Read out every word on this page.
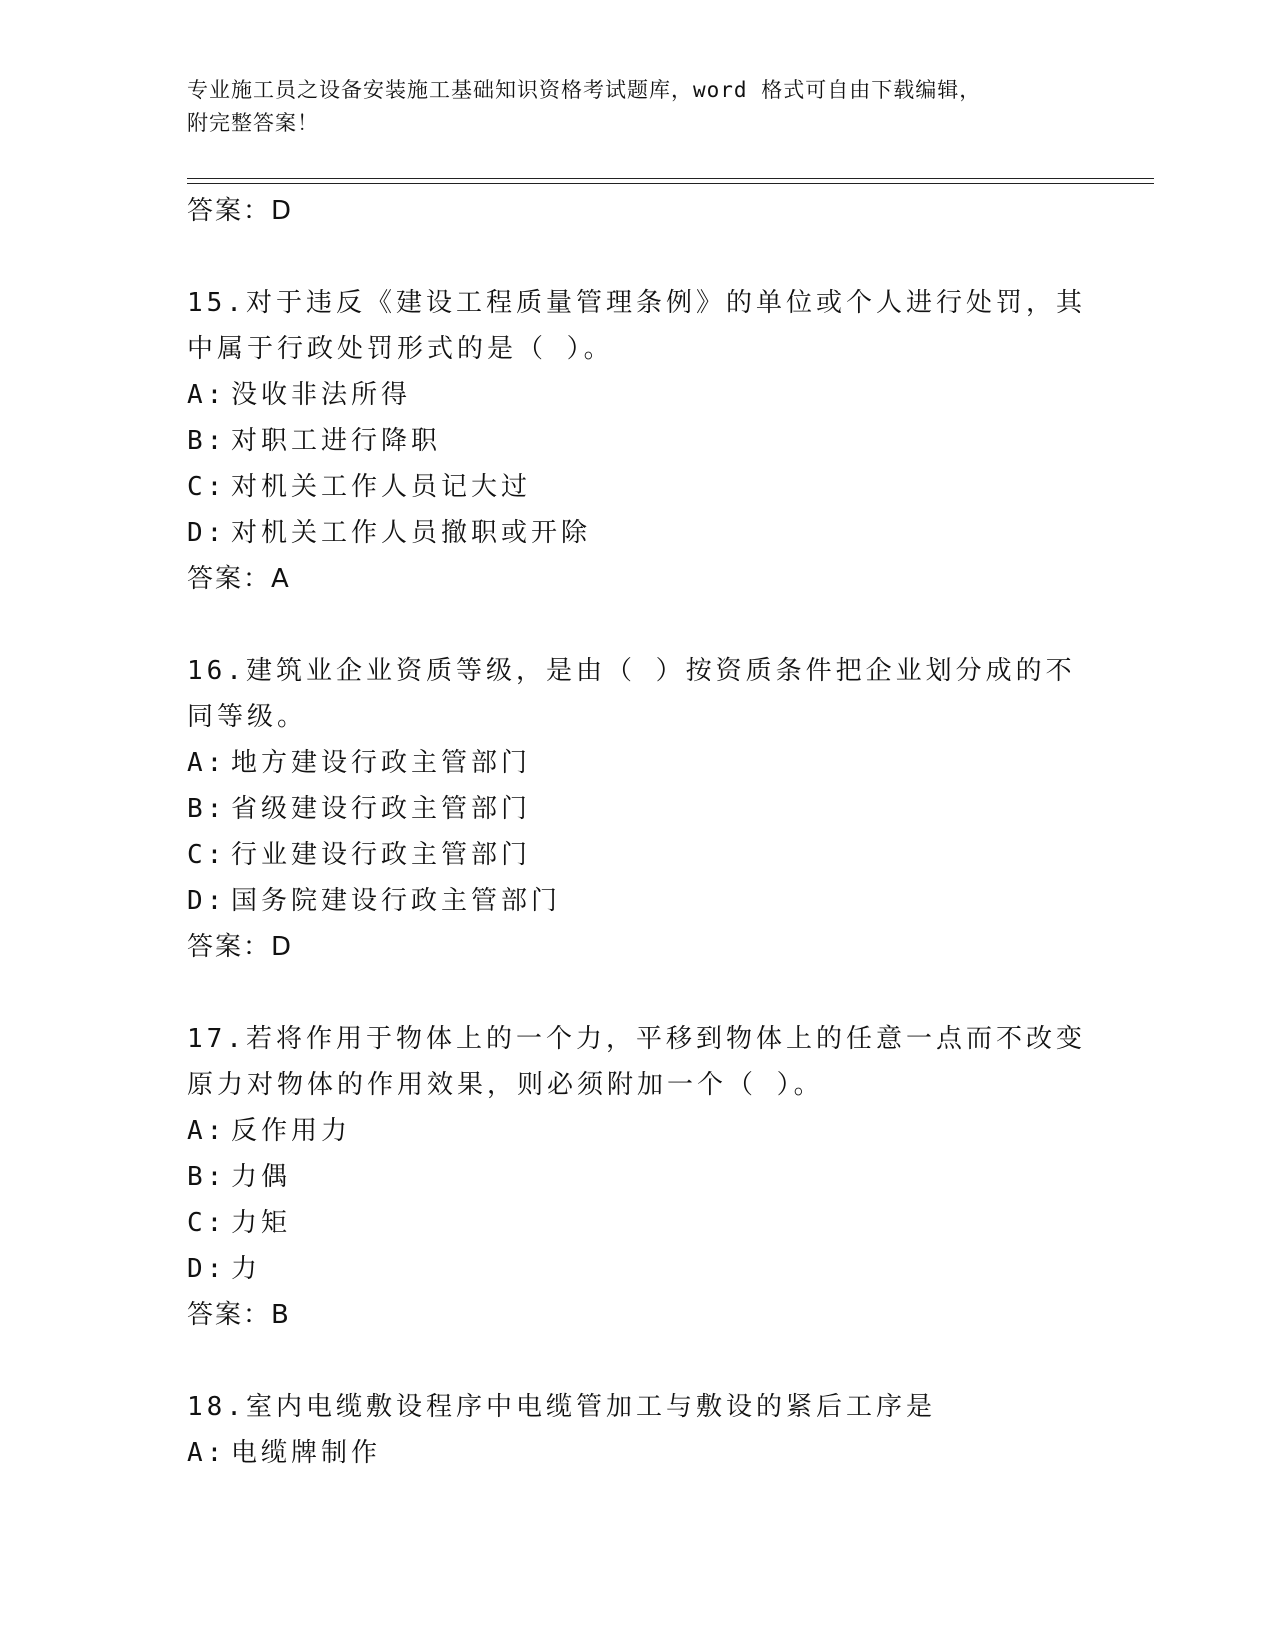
专业施工员之设备安装施工基础知识资格考试题库，word 格式可自由下载编辑，
附完整答案！

答案：D

15.对于违反《建设工程质量管理条例》的单位或个人进行处罚，其中属于行政处罚形式的是（ ）。

A: 没收非法所得

B: 对职工进行降职

C: 对机关工作人员记大过

D: 对机关工作人员撤职或开除

答案：A

16.建筑业企业资质等级，是由（ ）按资质条件把企业划分成的不同等级。

A: 地方建设行政主管部门

B: 省级建设行政主管部门

C: 行业建设行政主管部门

D: 国务院建设行政主管部门

答案：D

17.若将作用于物体上的一个力，平移到物体上的任意一点而不改变原力对物体的作用效果，则必须附加一个（ ）。

A: 反作用力

B: 力偶

C: 力矩

D: 力

答案：B

18.室内电缆敷设程序中电缆管加工与敷设的紧后工序是

A: 电缆牌制作
